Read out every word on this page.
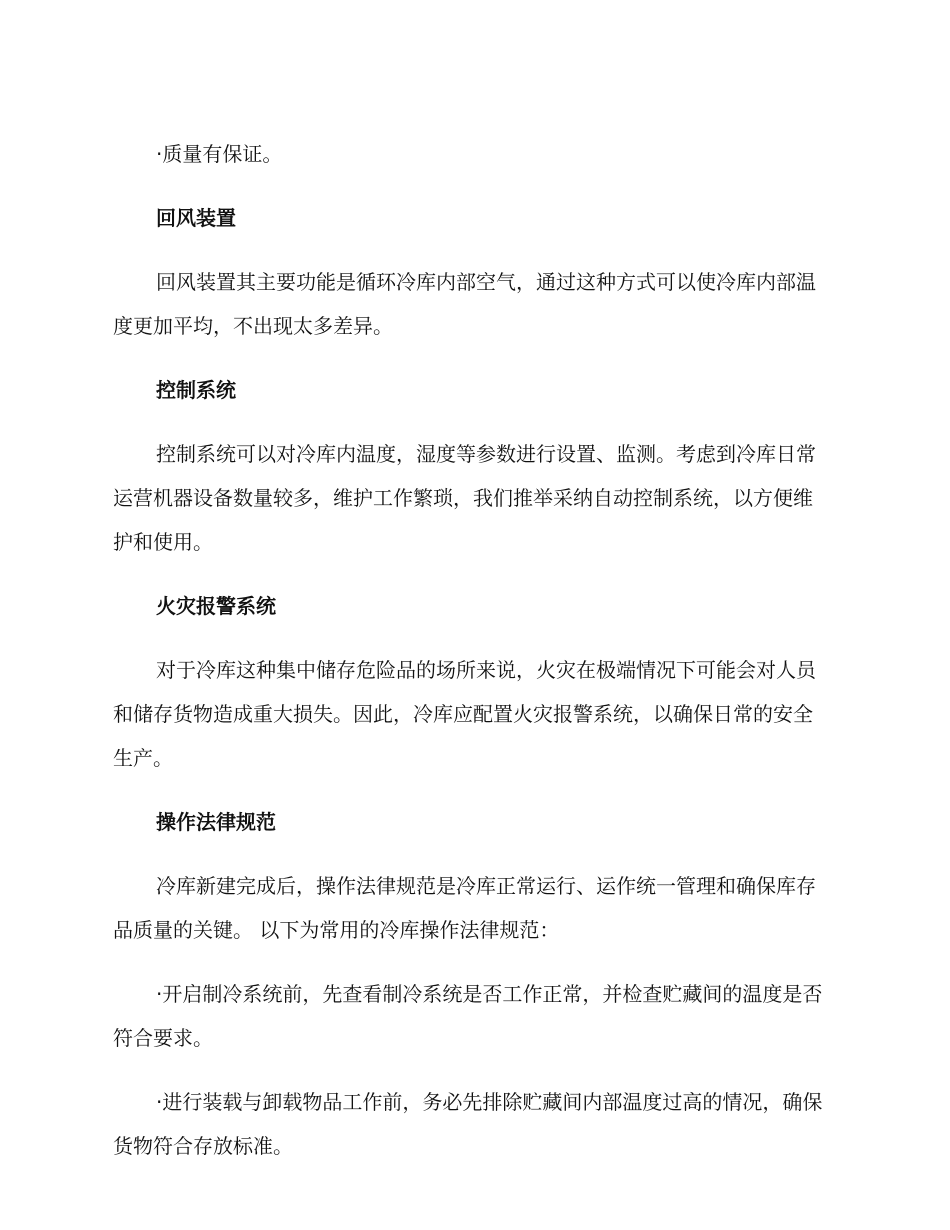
·质量有保证。

回风装置

回风装置其主要功能是循环冷库内部空气，通过这种方式可以使冷库内部温度更加平均，不出现太多差异。

控制系统

控制系统可以对冷库内温度，湿度等参数进行设置、监测。考虑到冷库日常运营机器设备数量较多，维护工作繁琐，我们推举采纳自动控制系统，以方便维护和使用。

火灾报警系统

对于冷库这种集中储存危险品的场所来说，火灾在极端情况下可能会对人员和储存货物造成重大损失。因此，冷库应配置火灾报警系统，以确保日常的安全生产。

操作法律规范

冷库新建完成后，操作法律规范是冷库正常运行、运作统一管理和确保库存品质量的关键。 以下为常用的冷库操作法律规范：

·开启制冷系统前，先查看制冷系统是否工作正常，并检查贮藏间的温度是否符合要求。

·进行装载与卸载物品工作前，务必先排除贮藏间内部温度过高的情况，确保货物符合存放标准。
